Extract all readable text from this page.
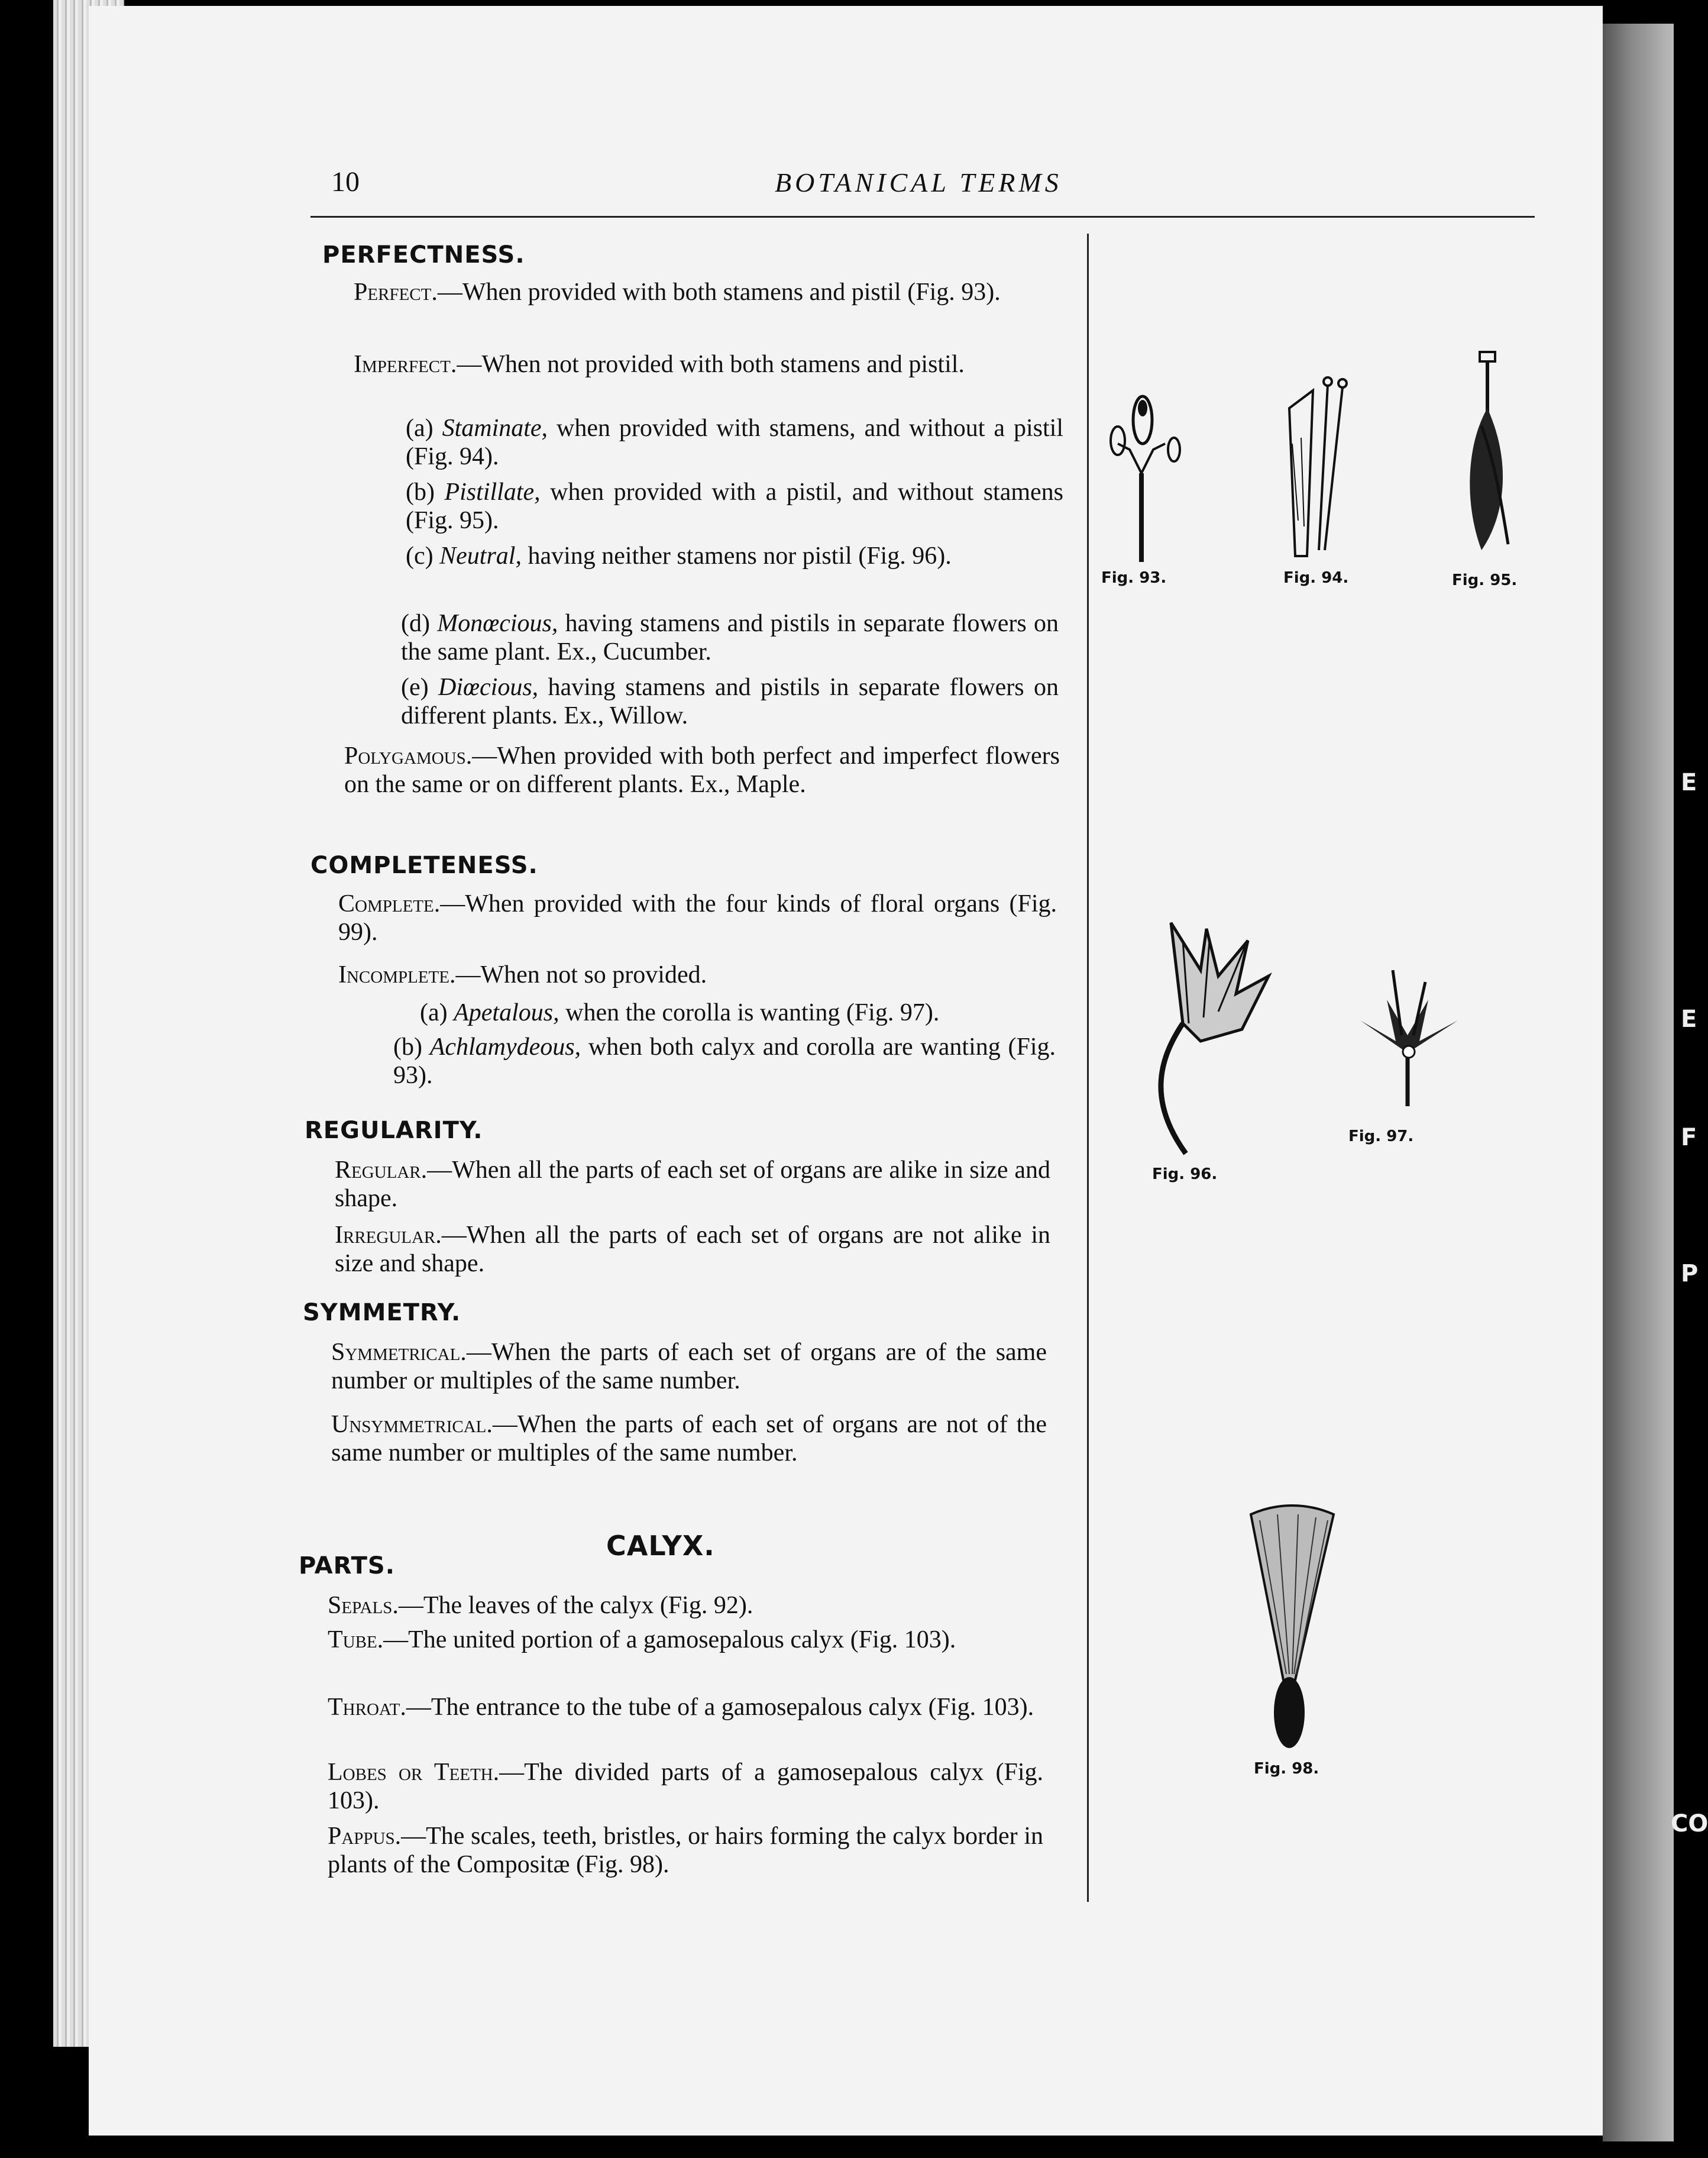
E
E
F
P
CO
10	BOTANICAL TERMS
PERFECTNESS.
Perfect.—When provided with both stamens and pistil (Fig. 93).
Imperfect.—When not provided with both stamens and pistil.
(a) Staminate, when provided with stamens, and without a pistil (Fig. 94).
(b) Pistillate, when provided with a pistil, and without stamens (Fig. 95).
(c) Neutral, having neither stamens nor pistil (Fig. 96).
(d) Monœcious, having stamens and pistils in separate flowers on the same plant. Ex., Cucumber.
(e) Diœcious, having stamens and pistils in separate flowers on different plants. Ex., Willow.
Polygamous.—When provided with both perfect and imperfect flowers on the same or on different plants. Ex., Maple.
COMPLETENESS.
Complete.—When provided with the four kinds of floral organs (Fig. 99).
Incomplete.—When not so provided.
(a) Apetalous, when the corolla is wanting (Fig. 97).
(b) Achlamydeous, when both calyx and corolla are wanting (Fig. 93).
REGULARITY.
Regular.—When all the parts of each set of organs are alike in size and shape.
Irregular.—When all the parts of each set of organs are not alike in size and shape.
SYMMETRY.
Symmetrical.—When the parts of each set of organs are of the same number or multiples of the same number.
Unsymmetrical.—When the parts of each set of organs are not of the same number or multiples of the same number.
CALYX.
PARTS.
Sepals.—The leaves of the calyx (Fig. 92).
Tube.—The united portion of a gamosepalous calyx (Fig. 103).
Throat.—The entrance to the tube of a gamosepalous calyx (Fig. 103).
Lobes or Teeth.—The divided parts of a gamosepalous calyx (Fig. 103).
Pappus.—The scales, teeth, bristles, or hairs forming the calyx border in plants of the Compositæ (Fig. 98).
Fig. 93.	Fig. 94.	Fig. 95.
Fig. 96.
Fig. 97.
Fig. 98.
